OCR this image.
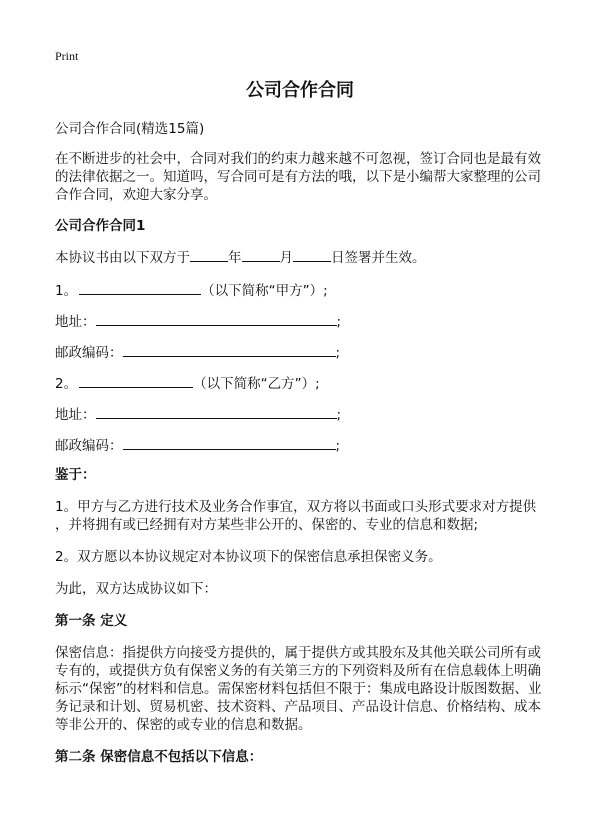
Print
公司合作合同
公司合作合同(精选15篇)
在不断进步的社会中，合同对我们的约束力越来越不可忽视，签订合同也是最有效
的法律依据之一。知道吗，写合同可是有方法的哦，以下是小编帮大家整理的公司
合作合同，欢迎大家分享。
公司合作合同1
本协议书由以下双方于	年	月	日签署并生效。
1。	（以下简称“甲方”）;
地址：	;
邮政编码：	;
2。	（以下简称“乙方”）;
地址：	;
邮政编码：	;
鉴于：
1。甲方与乙方进行技术及业务合作事宜，双方将以书面或口头形式要求对方提供
，并将拥有或已经拥有对方某些非公开的、保密的、专业的信息和数据;
2。双方愿以本协议规定对本协议项下的保密信息承担保密义务。
为此，双方达成协议如下：
第一条 定义
保密信息：指提供方向接受方提供的，属于提供方或其股东及其他关联公司所有或
专有的，或提供方负有保密义务的有关第三方的下列资料及所有在信息载体上明确
标示“保密”的材料和信息。需保密材料包括但不限于：集成电路设计版图数据、业
务记录和计划、贸易机密、技术资料、产品项目、产品设计信息、价格结构、成本
等非公开的、保密的或专业的信息和数据。
第二条 保密信息不包括以下信息：
